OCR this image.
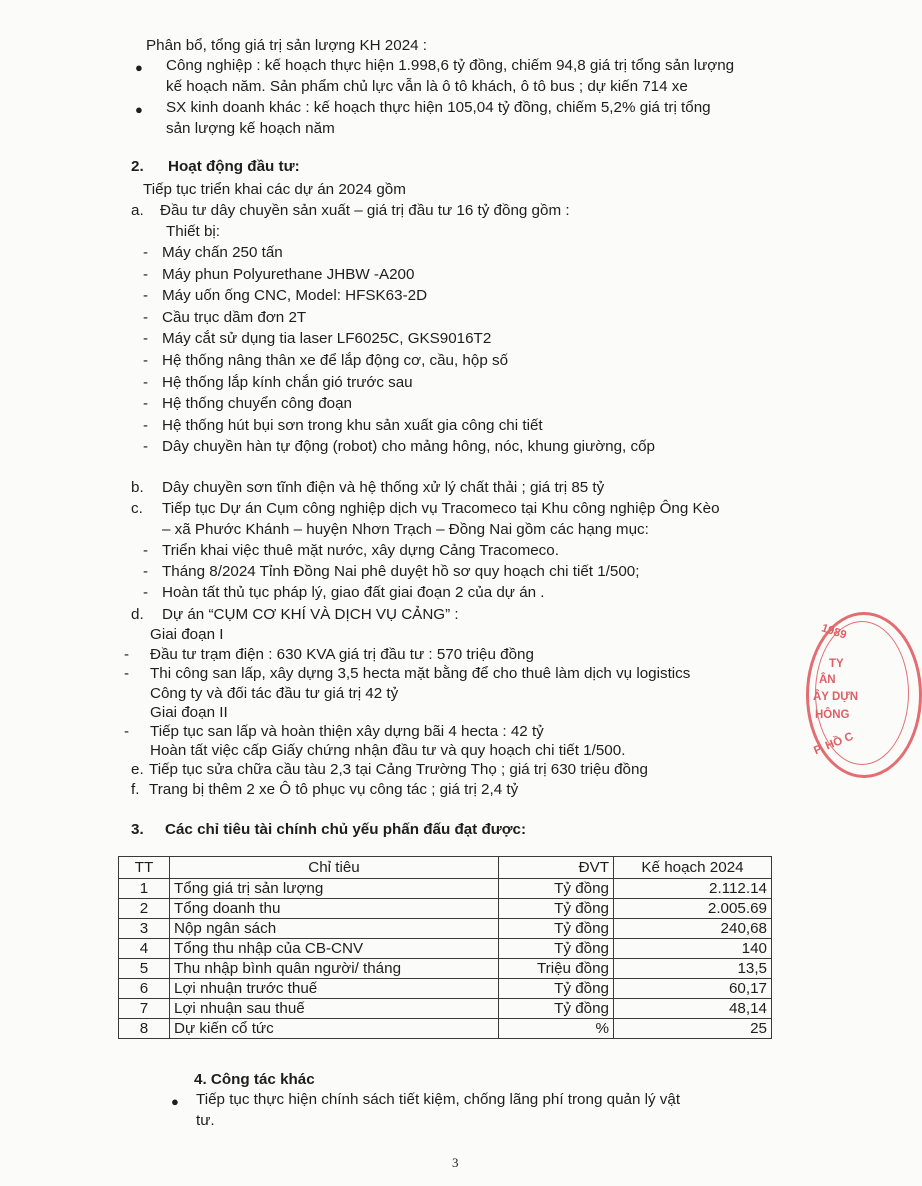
Phân bổ, tổng giá trị sản lượng KH 2024 :
● Công nghiệp : kế hoạch thực hiện 1.998,6 tỷ đồng, chiếm 94,8 giá trị tổng sản lượng
kế hoạch năm. Sản phẩm chủ lực vẫn là ô tô khách, ô tô bus ; dự kiến 714 xe
● SX kinh doanh khác : kế hoạch thực hiện 105,04 tỷ đồng, chiếm 5,2% giá trị tổng
sản lượng kế hoạch năm
2. Hoạt động đầu tư:
Tiếp tục triển khai các dự án 2024 gồm
a. Đầu tư dây chuyền sản xuất – giá trị đầu tư 16 tỷ đồng gồm :
Thiết bị:
- Máy chấn 250 tấn
- Máy phun Polyurethane JHBW -A200
- Máy uốn ống CNC, Model: HFSK63-2D
- Cầu trục dầm đơn 2T
- Máy cắt sử dụng tia laser LF6025C, GKS9016T2
- Hệ thống nâng thân xe để lắp động cơ, cầu, hộp số
- Hệ thống lắp kính chắn gió trước sau
- Hệ thống chuyển công đoạn
- Hệ thống hút bụi sơn trong khu sản xuất gia công chi tiết
- Dây chuyền hàn tự động (robot) cho mảng hông, nóc, khung giường, cốp
b. Dây chuyền sơn tĩnh điện và hệ thống xử lý chất thải ; giá trị 85 tỷ
c. Tiếp tục Dự án Cụm công nghiệp dịch vụ Tracomeco tại Khu công nghiệp Ông Kèo
– xã Phước Khánh – huyện Nhơn Trạch – Đồng Nai gồm các hạng mục:
- Triển khai việc thuê mặt nước, xây dựng Cảng Tracomeco.
- Tháng 8/2024 Tỉnh Đồng Nai phê duyệt hồ sơ quy hoạch chi tiết 1/500;
- Hoàn tất thủ tục pháp lý, giao đất giai đoạn 2 của dự án .
d. Dự án “CỤM CƠ KHÍ VÀ DỊCH VỤ CẢNG” :
Giai đoạn I
- Đầu tư trạm điện : 630 KVA giá trị đầu tư : 570 triệu đồng
- Thi công san lấp, xây dựng 3,5 hecta mặt bằng để cho thuê làm dịch vụ logistics
Công ty và đối tác đầu tư giá trị 42 tỷ
Giai đoạn II
- Tiếp tục san lấp và hoàn thiện xây dựng bãi 4 hecta : 42 tỷ
Hoàn tất việc cấp Giấy chứng nhận đầu tư và quy hoạch chi tiết 1/500.
e. Tiếp tục sửa chữa cầu tàu 2,3 tại Cảng Trường Thọ ; giá trị 630 triệu đồng
f. Trang bị thêm 2 xe Ô tô phục vụ công tác ; giá trị 2,4 tỷ
3. Các chỉ tiêu tài chính chủ yếu phấn đấu đạt được:
TT	Chỉ tiêu	ĐVT	Kế hoạch 2024
1	Tổng giá trị sản lượng	Tỷ đồng	2.112.14
2	Tổng doanh thu	Tỷ đồng	2.005.69
3	Nộp ngân sách	Tỷ đồng	240,68
4	Tổng thu nhập của CB-CNV	Tỷ đồng	140
5	Thu nhập bình quân người/ tháng	Triệu đồng	13,5
6	Lợi nhuận trước thuế	Tỷ đồng	60,17
7	Lợi nhuận sau thuế	Tỷ đồng	48,14
8	Dự kiến cổ tức	%	25
4. Công tác khác
● Tiếp tục thực hiện chính sách tiết kiệm, chống lãng phí trong quản lý vật
tư.
1989
TY
ÂN
ÂY DỰN
HÔNG
P. HỒ C
3
